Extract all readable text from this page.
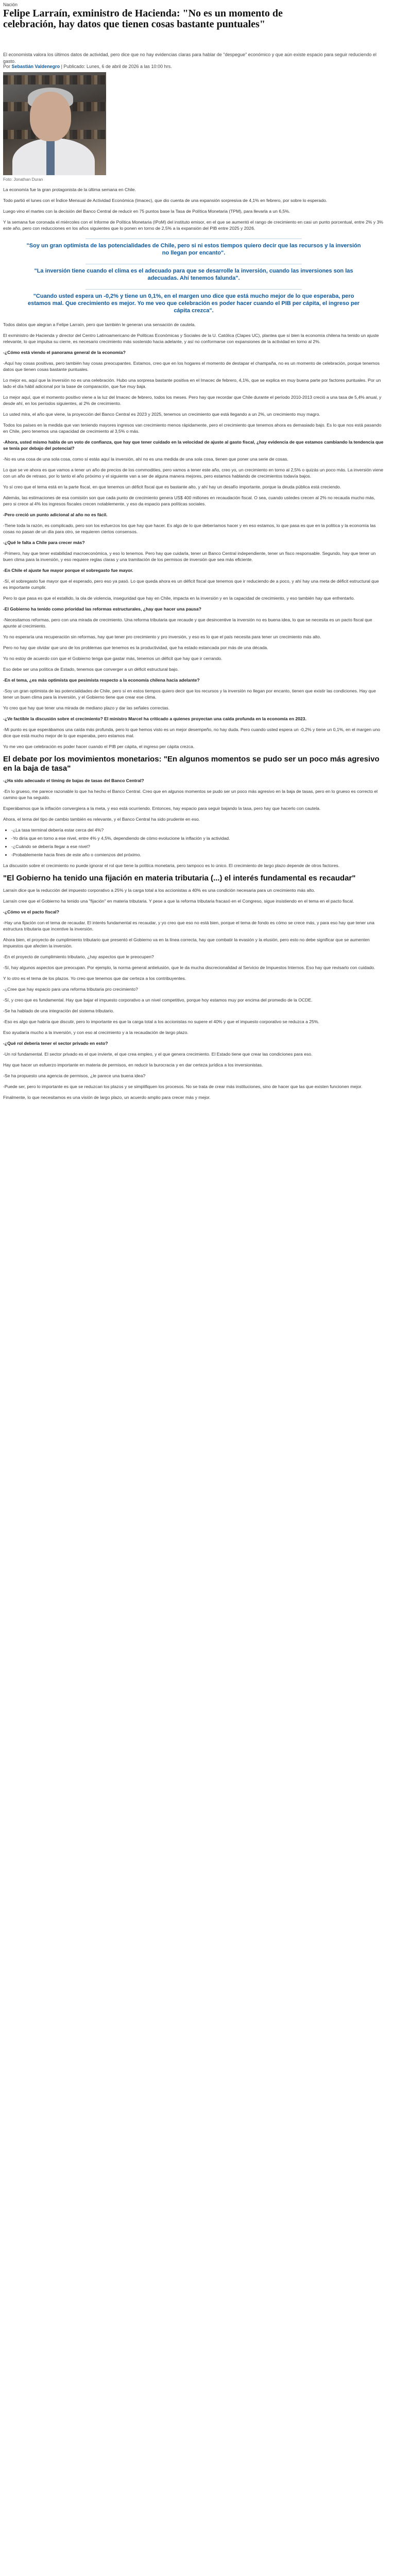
Nación
Felipe Larraín, exministro de Hacienda: "No es un momento de celebración, hay datos que tienen cosas bastante puntuales"

El economista valora los últimos datos de actividad, pero dice que no hay evidencias claras para hablar de "despegue" económico y que aún existe espacio para seguir reduciendo el gasto.

Por Sebastián Valdenegro | Publicado: Lunes, 6 de abril de 2026 a las 10:00 hrs.
Foto: Jonathan Duran

La economía fue la gran protagonista de la última semana en Chile.

Todo partió el lunes con el Índice Mensual de Actividad Económica (Imacec), que dio cuenta de una expansión sorpresiva de 4,1% en febrero, por sobre lo esperado.

Luego vino el martes con la decisión del Banco Central de reducir en 75 puntos base la Tasa de Política Monetaria (TPM), para llevarla a un 6,5%.

Y la semana fue coronada el miércoles con el Informe de Política Monetaria (IPoM) del instituto emisor, en el que se aumentó el rango de crecimiento en casi un punto porcentual, entre 2% y 3% este año, pero con reducciones en los años siguientes que lo ponen en torno de 2,5% a la expansión del PIB entre 2025 y 2026.

"Soy un gran optimista de las potencialidades de Chile, pero si ni estos tiempos quiero decir que las recursos y la inversión no llegan por encanto".
"La inversión tiene cuando el clima es el adecuado para que se desarrolle la inversión, cuando las inversiones son las adecuadas. Ahí tenemos falunda".
"Cuando usted espera un -0,2% y tiene un 0,1%, en el margen uno dice que está mucho mejor de lo que esperaba, pero estamos mal. Que crecimiento es mejor. Yo me veo que celebración es poder hacer cuando el PIB per cápita, el ingreso per cápita crezca".

Todos datos que alegran a Felipe Larraín, pero que también le generan una sensación de cautela.

El exministro de Hacienda y director del Centro Latinoamericano de Políticas Económicas y Sociales de la U. Católica (Clapes UC), plantea que sí bien la economía chilena ha tenido un ajuste relevante, lo que impulsa su cierre, es necesario crecimiento más sostenido hacia adelante, y así no conformarse con expansiones de la actividad en torno al 2%.

-¿Cómo está viendo el panorama general de la economía?

-Aquí hay cosas positivas, pero también hay cosas preocupantes. Estamos, creo que en los hogares el momento de destapar el champaña, no es un momento de celebración, porque tenemos datos que tienen cosas bastante puntuales.

Lo mejor es, aquí que la inversión no es una celebración. Hubo una sorpresa bastante positiva en el Imacec de febrero, 4,1%, que se explica en muy buena parte por factores puntuales. Por un lado el día hábil adicional por la base de comparación, que fue muy baja.

Lo mejor aquí, que el momento positivo viene a la luz del Imacec de febrero, todos los meses. Pero hay que recordar que Chile durante el período 2010-2013 creció a una tasa de 5,4% anual, y desde ahí, en los períodos siguientes, al 2% de crecimiento.

Lo usted mira, el año que viene, la proyección del Banco Central es 2023 y 2025, tenemos un crecimiento que está llegando a un 2%, un crecimiento muy magro.

Todos los países en la medida que van teniendo mayores ingresos van crecimiento menos rápidamente, pero el crecimiento que tenemos ahora es demasiado bajo. Es lo que nos está pasando en Chile, pero tenemos una capacidad de crecimiento al 3,5% o más.

-Ahora, usted mismo habla de un voto de confianza, que hay que tener cuidado en la velocidad de ajuste al gasto fiscal, ¿hay evidencia de que estamos cambiando la tendencia que se tenía por debajo del potencial?

-No es una cosa de una sola cosa, como sí estás aquí la inversión, ahí no es una medida de una sola cosa, tienen que poner una serie de cosas.

Lo que se ve ahora es que vamos a tener un año de precios de los commodities, pero vamos a tener este año, creo yo, un crecimiento en torno al 2,5% o quizás un poco más. La inversión viene con un año de retraso, por lo tanto el año próximo y el siguiente van a ser de alguna manera mejores, pero estamos hablando de crecimientos todavía bajos.

Yo sí creo que el tema está en la parte fiscal, en que tenemos un déficit fiscal que es bastante alto, y ahí hay un desafío importante, porque la deuda pública está creciendo.

Además, las estimaciones de esa comisión son que cada punto de crecimiento genera US$ 400 millones en recaudación fiscal. O sea, cuando ustedes crecen al 2% no recauda mucho más, pero si crece al 4% los ingresos fiscales crecen notablemente, y eso da espacio para políticas sociales.

-Pero creció un punto adicional al año no es fácil.

-Tiene toda la razón, es complicado, pero son los esfuerzos los que hay que hacer. Es algo de lo que deberíamos hacer y en eso estamos, lo que pasa es que en la política y la economía las cosas no pasan de un día para otro, se requieren ciertos consensos.

-¿Qué le falta a Chile para crecer más?

-Primero, hay que tener estabilidad macroeconómica, y eso lo tenemos. Pero hay que cuidarla, tener un Banco Central independiente, tener un fisco responsable. Segundo, hay que tener un buen clima para la inversión, y eso requiere reglas claras y una tramitación de los permisos de inversión que sea más eficiente.

-En Chile el ajuste fue mayor porque el sobregasto fue mayor.

-Sí, el sobregasto fue mayor que el esperado, pero eso ya pasó. Lo que queda ahora es un déficit fiscal que tenemos que ir reduciendo de a poco, y ahí hay una meta de déficit estructural que es importante cumplir.

Pero lo que pasa es que el estallido, la ola de violencia, inseguridad que hay en Chile, impacta en la inversión y en la capacidad de crecimiento, y eso también hay que enfrentarlo.

-El Gobierno ha tenido como prioridad las reformas estructurales, ¿hay que hacer una pausa?

-Necesitamos reformas, pero con una mirada de crecimiento. Una reforma tributaria que recaude y que desincentive la inversión no es buena idea, lo que se necesita es un pacto fiscal que apunte al crecimiento.

Yo no esperaría una recuperación sin reformas, hay que tener pro crecimiento y pro inversión, y eso es lo que el país necesita para tener un crecimiento más alto.

Pero no hay que olvidar que uno de los problemas que tenemos es la productividad, que ha estado estancada por más de una década.

Yo no estoy de acuerdo con que el Gobierno tenga que gastar más, tenemos un déficit que hay que ir cerrando.

Eso debe ser una política de Estado, tenemos que converger a un déficit estructural bajo.

-En el tema, ¿es más optimista que pesimista respecto a la economía chilena hacia adelante?

-Soy un gran optimista de las potencialidades de Chile, pero sí en estos tiempos quiero decir que los recursos y la inversión no llegan por encanto, tienen que existir las condiciones. Hay que tener un buen clima para la inversión, y el Gobierno tiene que crear ese clima.

Yo creo que hay que tener una mirada de mediano plazo y dar las señales correctas.

-¿Ve factible la discusión sobre el crecimiento? El ministro Marcel ha criticado a quienes proyectan una caída profunda en la economía en 2023.

-Mi punto es que esperábamos una caída más profunda, pero lo que hemos visto es un mejor desempeño, no hay duda. Pero cuando usted espera un -0,2% y tiene un 0,1%, en el margen uno dice que está mucho mejor de lo que esperaba, pero estamos mal.

Yo me veo que celebración es poder hacer cuando el PIB per cápita, el ingreso per cápita crezca.

El debate por los movimientos monetarios: "En algunos momentos se pudo ser un poco más agresivo en la baja de tasa"

-¿Ha sido adecuado el timing de bajas de tasas del Banco Central?

-En lo grueso, me parece razonable lo que ha hecho el Banco Central. Creo que en algunos momentos se pudo ser un poco más agresivo en la baja de tasas, pero en lo grueso es correcto el camino que ha seguido.

Esperábamos que la inflación convergiera a la meta, y eso está ocurriendo. Entonces, hay espacio para seguir bajando la tasa, pero hay que hacerlo con cautela.

Ahora, el tema del tipo de cambio también es relevante, y el Banco Central ha sido prudente en eso.

• -¿La tasa terminal debería estar cerca del 4%?
• -Yo diría que en torno a ese nivel, entre 4% y 4,5%, dependiendo de cómo evolucione la inflación y la actividad.
• -¿Cuándo se debería llegar a ese nivel?
• -Probablemente hacia fines de este año o comienzos del próximo.

La discusión sobre el crecimiento no puede ignorar el rol que tiene la política monetaria, pero tampoco es lo único. El crecimiento de largo plazo depende de otros factores.

"El Gobierno ha tenido una fijación en materia tributaria (...) el interés fundamental es recaudar"

Larraín dice que la reducción del impuesto corporativo a 25% y la carga total a los accionistas a 40% es una condición necesaria para un crecimiento más alto.

Larraín cree que el Gobierno ha tenido una "fijación" en materia tributaria. Y pese a que la reforma tributaria fracasó en el Congreso, sigue insistiendo en el tema en el pacto fiscal.

-¿Cómo ve el pacto fiscal?

-Hay una fijación con el tema de recaudar. El interés fundamental es recaudar, y yo creo que eso no está bien, porque el tema de fondo es cómo se crece más, y para eso hay que tener una estructura tributaria que incentive la inversión.

Ahora bien, el proyecto de cumplimiento tributario que presentó el Gobierno va en la línea correcta, hay que combatir la evasión y la elusión, pero esto no debe significar que se aumenten impuestos que afecten la inversión.

-En el proyecto de cumplimiento tributario, ¿hay aspectos que le preocupen?

-Sí, hay algunos aspectos que preocupan. Por ejemplo, la norma general antielusión, que le da mucha discrecionalidad al Servicio de Impuestos Internos. Eso hay que revisarlo con cuidado.

Y lo otro es el tema de los plazos. Yo creo que tenemos que dar certeza a los contribuyentes.

-¿Cree que hay espacio para una reforma tributaria pro crecimiento?

-Sí, y creo que es fundamental. Hay que bajar el impuesto corporativo a un nivel competitivo, porque hoy estamos muy por encima del promedio de la OCDE.

-Se ha hablado de una integración del sistema tributario.

-Eso es algo que habría que discutir, pero lo importante es que la carga total a los accionistas no supere el 40% y que el impuesto corporativo se reduzca a 25%.

Eso ayudaría mucho a la inversión, y con eso al crecimiento y a la recaudación de largo plazo.

-¿Qué rol debería tener el sector privado en esto?

-Un rol fundamental. El sector privado es el que invierte, el que crea empleo, y el que genera crecimiento. El Estado tiene que crear las condiciones para eso.

Hay que hacer un esfuerzo importante en materia de permisos, en reducir la burocracia y en dar certeza jurídica a los inversionistas.

-Se ha propuesto una agencia de permisos, ¿le parece una buena idea?

-Puede ser, pero lo importante es que se reduzcan los plazos y se simplifiquen los procesos. No se trata de crear más instituciones, sino de hacer que las que existen funcionen mejor.

Finalmente, lo que necesitamos es una visión de largo plazo, un acuerdo amplio para crecer más y mejor.
